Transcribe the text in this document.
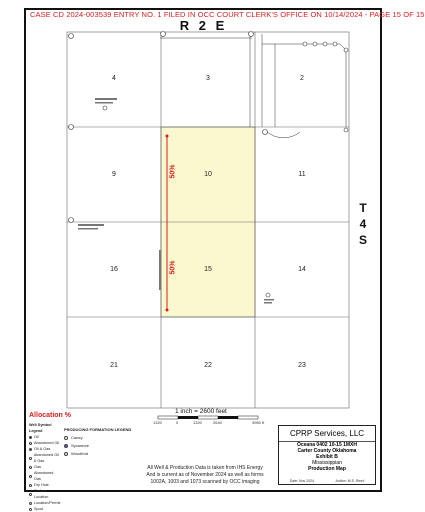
CASE CD 2024-003539 ENTRY NO. 1 FILED IN OCC COURT CLERK'S OFFICE ON 10/14/2024 - PAGE 15 OF 15
R 2 E
T
4
S
4	3	2
9	10	11
16	15	14
21	22	23
50%
50%
1 inch = 2600 feet
1320	0	1320	2640	3960 ft
Allocation %
Well Symbol Legend
Oil
Abandoned Oil
Oil & Gas
Abandoned Oil & Gas
Gas
Abandoned Gas
Dry Hole
Surface Location
Location/Permit
Spud
PRODUCING FORMATION LEGEND
Caney
Sycamore
Woodford
All Well & Production Data is taken from IHS Energy
And is current as of November 2024 as well as forms
1002A, 1003 and 1073 scanned by OCC imaging
CPRP Services, LLC
Oceana 0402 10-15 1MXH
Carter County Oklahoma
Exhibit B
Mississippian
Production Map
Date: Nov 2024	Author: M.S. Reed
